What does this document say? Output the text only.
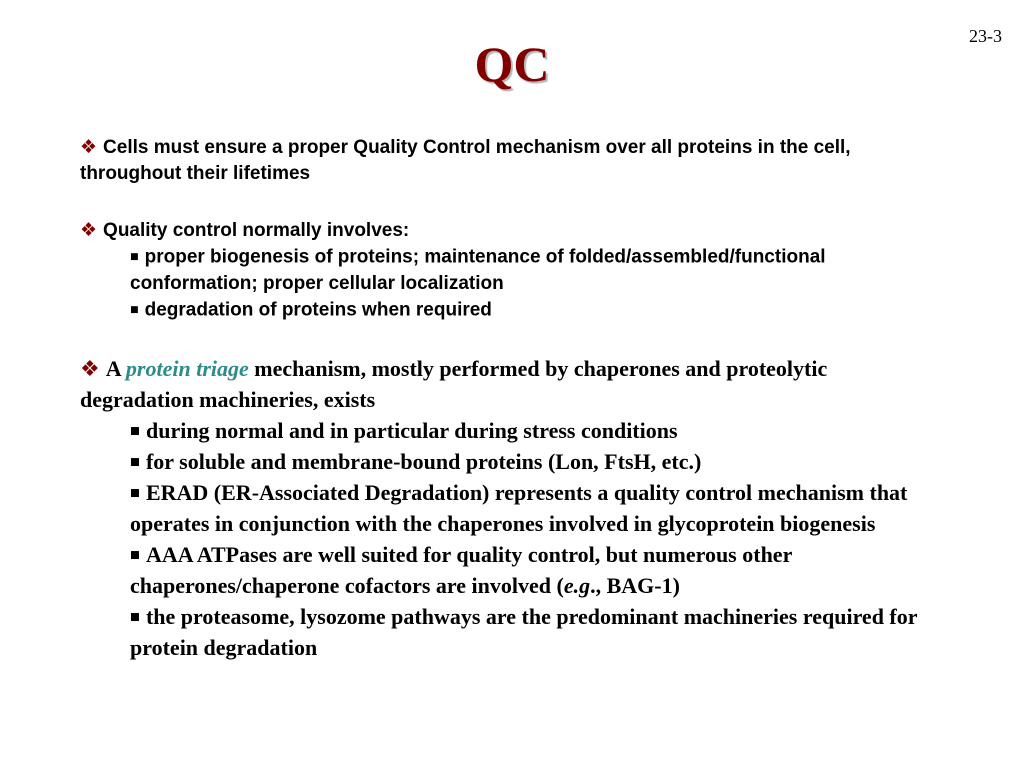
23-3
QC
❖ Cells must ensure a proper Quality Control mechanism over all proteins in the cell, throughout their lifetimes
❖ Quality control normally involves:
■ proper biogenesis of proteins; maintenance of folded/assembled/functional conformation; proper cellular localization
■ degradation of proteins when required
❖ A protein triage mechanism, mostly performed by chaperones and proteolytic degradation machineries, exists
■ during normal and in particular during stress conditions
■ for soluble and membrane-bound proteins (Lon, FtsH, etc.)
■ ERAD (ER-Associated Degradation) represents a quality control mechanism that operates in conjunction with the chaperones involved in glycoprotein biogenesis
■ AAA ATPases are well suited for quality control, but numerous other chaperones/chaperone cofactors are involved (e.g., BAG-1)
■ the proteasome, lysozome pathways are the predominant machineries required for protein degradation
